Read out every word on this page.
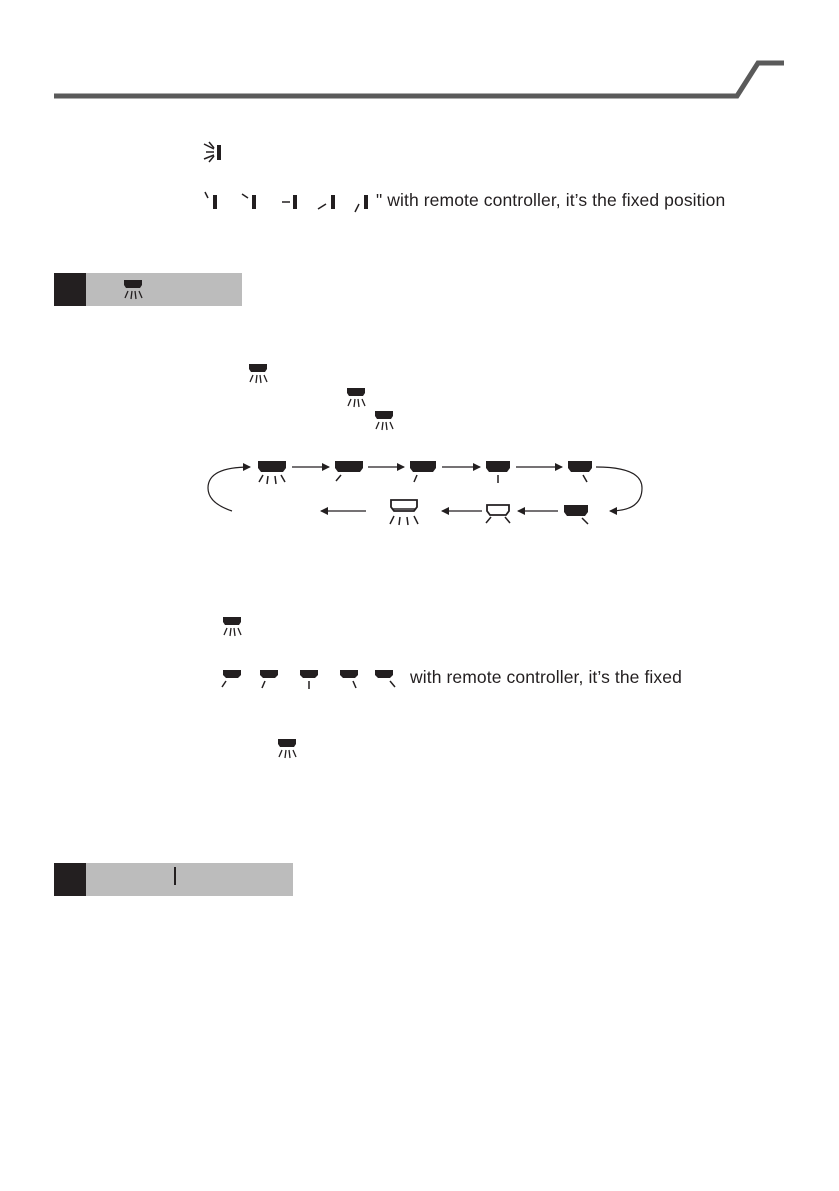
" with remote controller, it’s the fixed position
with remote controller, it’s the fixed
